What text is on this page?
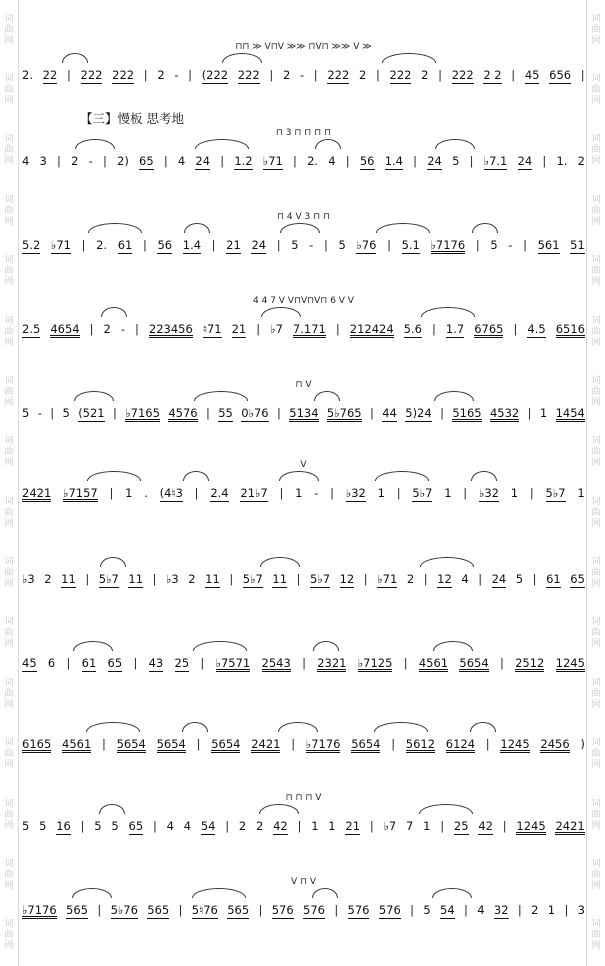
词
曲
网
词
曲
网
词
曲
网
词
曲
网
词
曲
网
词
曲
网
词
曲
网
词
曲
网
词
曲
网
词
曲
网
词
曲
网
词
曲
网
词
曲
网
词
曲
网
词
曲
网
词
曲
网
词
曲
网
词
曲
网
词
曲
网
词
曲
网
词
曲
网
词
曲
网
词
曲
网
词
曲
网
词
曲
网
词
曲
网
词
曲
网
词
曲
网
词
曲
网
词
曲
网
词
曲
网
词
曲
网
【三】慢板 思考地
⊓⊓ ≫ V⊓V ≫≫ ⊓V⊓ ≫≫ V ≫
2. 22 | 222 222 | 2 - | (222 222 | 2 - | 222 2 | 222 2 | 222 2 2 | 45 656 |
⊓ 3 ⊓ ⊓ ⊓ ⊓
4 3 | 2 - | 2) 65 | 4 24 | 1.2 ♭71 | 2. 4 | 56 1.4 | 24 5 | ♭7.1 24 | 1. 2
⊓ 4 V 3 ⊓ ⊓
5.2 ♭71 | 2. 61 | 56 1.4 | 21 24 | 5 - | 5 ♭76 | 5.1 ♭7176 | 5 - | 561 51
4 4 7 V V⊓V⊓V⊓ 6 V V
2.5 4654 | 2 - | 223456 ♮71 21 | ♭7 7.171 | 212424 5.6 | 1.7 6765 | 4.5 6516
⊓ V
5 - | 5 (521 | ♭7165 4576 | 55 0♭76 | 5134 5♭765 | 44 5)24 | 5165 4532 | 1 1454
V
2421 ♭7157 | 1 . (4♮3 | 2.4 21♭7 | 1 - | ♭32 1 | 5♭7 1 | ♭32 1 | 5♭7 1
♭3 2 11 | 5♭7 11 | ♭3 2 11 | 5♭7 11 | 5♭7 12 | ♭71 2 | 12 4 | 24 5 | 61 65
45 6 | 61 65 | 43 25 | ♭7571 2543 | 2321 ♭7125 | 4561 5654 | 2512 1245
6165 4561 | 5654 5654 | 5654 2421 | ♭7176 5654 | 5612 6124 | 1245 2456 )
⊓ ⊓ ⊓ V
5 5 16 | 5 5 65 | 4 4 54 | 2 2 42 | 1 1 21 | ♭7 7 1 | 25 42 | 1245 2421
V ⊓ V
♭7176 565 | 5♭76 565 | 5♮76 565 | 576 576 | 576 576 | 5 54 | 4 32 | 2 1 | 3
